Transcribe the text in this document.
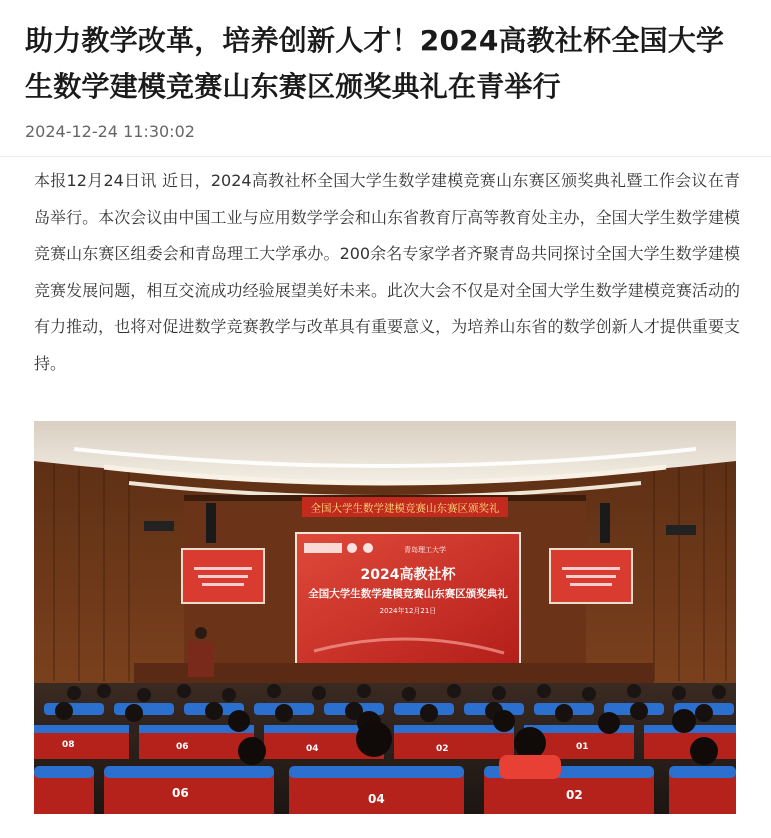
助力教学改革，培养创新人才！2024高教社杯全国大学生数学建模竞赛山东赛区颁奖典礼在青举行
2024-12-24 11:30:02

本报12月24日讯 近日，2024高教社杯全国大学生数学建模竞赛山东赛区颁奖典礼暨工作会议在青岛举行。本次会议由中国工业与应用数学学会和山东省教育厅高等教育处主办，全国大学生数学建模竞赛山东赛区组委会和青岛理工大学承办。200余名专家学者齐聚青岛共同探讨全国大学生数学建模竞赛发展问题，相互交流成功经验展望美好未来。此次大会不仅是对全国大学生数学建模竞赛活动的有力推动，也将对促进数学竞赛教学与改革具有重要意义，为培养山东省的数学创新人才提供重要支持。

全国大学生数学建模竞赛山东赛区颁奖礼
青岛理工大学
2024高教社杯
全国大学生数学建模竞赛山东赛区颁奖典礼
2024年12月21日
08	06	04	02	01
06	04	02
